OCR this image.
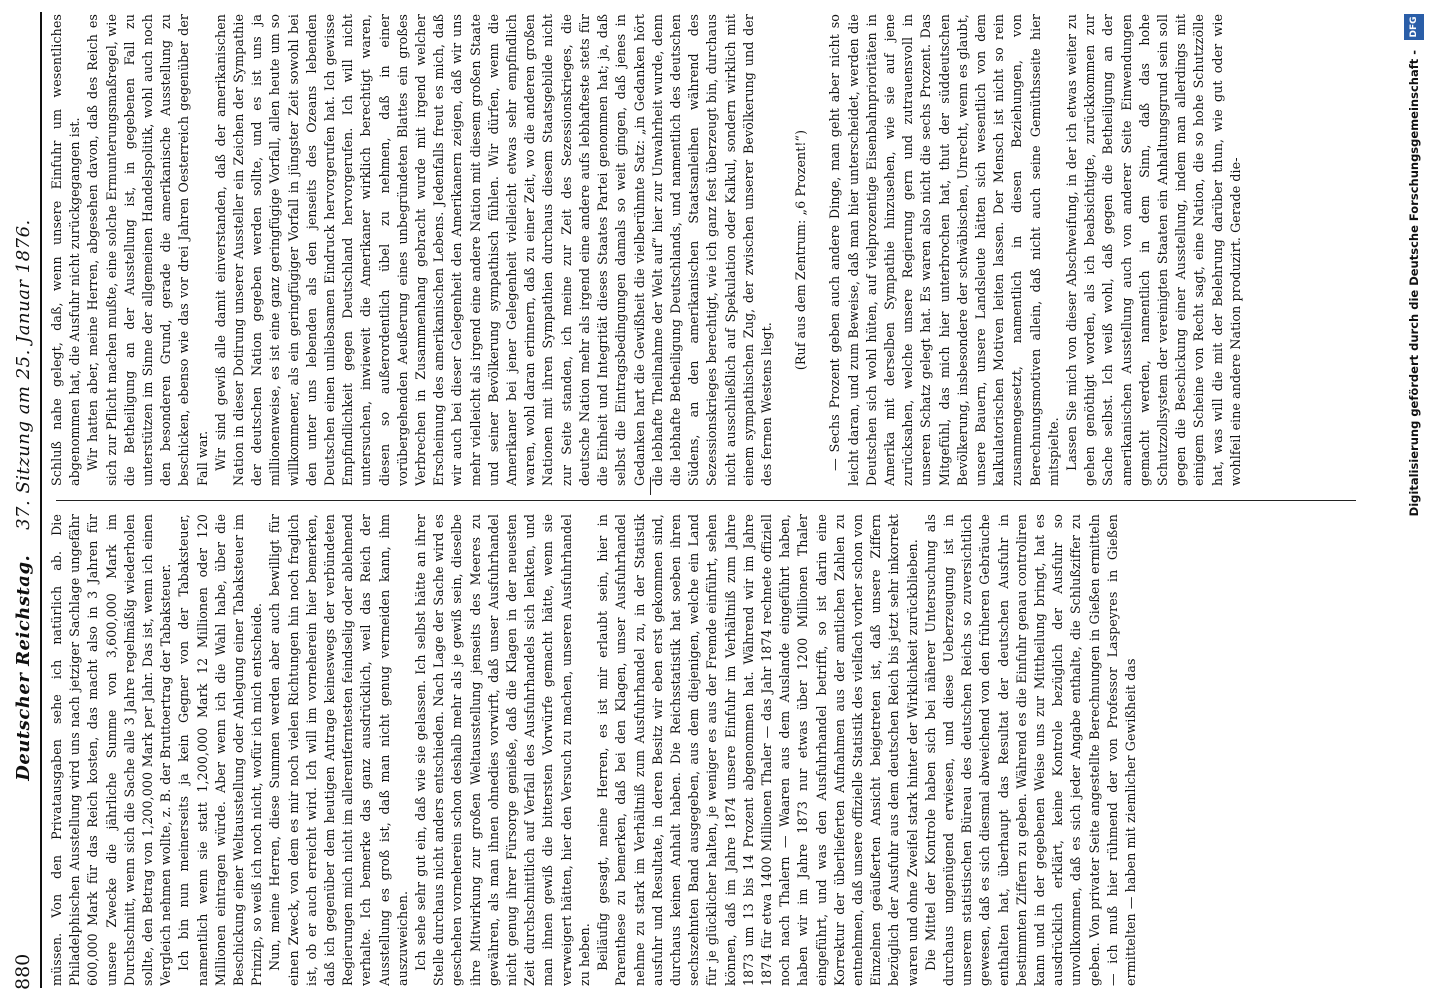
880
Deutscher Reichstag. 37. Sitzung am 25. Januar 1876.

müssen. Von den Privatausgaben sehe ich natürlich ab. Die Philadelphischen Ausstellung wird uns nach jetziger Sachlage ungefähr 600,000 Mark für das Reich kosten, das macht also in 3 Jahren für unsere Zwecke die jährliche Summe von 3,600,000 Mark im Durchschnitt, wenn sich die Sache alle 3 Jahre regelmäßig wiederholen sollte, den Betrag von 1,200,000 Mark per Jahr. Das ist, wenn ich einen Vergleich nehmen wollte, z. B. der Bruttoertrag der Tabaksteuer. Ich bin nun meinerseits ja kein Gegner von der Tabaksteuer, namentlich wenn sie statt 1,200,000 Mark 12 Millionen oder 120 Millionen eintragen würde. Aber wenn ich die Wahl habe, über die Beschickung einer Weltausstellung oder Anlegung einer Tabaksteuer im Prinzip, so weiß ich noch nicht, wofür ich mich entscheide. Nun, meine Herren, diese Summen werden aber auch bewilligt für einen Zweck, von dem es mir noch vielen Richtungen hin noch fraglich ist, ob er auch erreicht wird. Ich will im vorneherein hier bemerken, daß ich gegenüber dem heutigen Antrage keineswegs der verbündeten Regierungen mich nicht im allerentferntesten feindselig oder ablehnend verhalte. Ich bemerke das ganz ausdrücklich, weil das Reich der Ausstellung es groß ist, daß man nicht genug vermeiden kann, ihm auszuweichen. Ich sehe sehr gut ein, daß wie sie gelassen. Ich selbst hätte an ihrer Stelle durchaus nicht anders entschieden. Nach Lage der Sache wird es geschehen vorneherein schon deshalb mehr als je gewiß sein, dieselbe ihre Mitwirkung zur großen Weltausstellung jenseits des Meeres zu gewähren, als man ihnen ohnedies vorwirft, daß unser Ausfuhrhandel nicht genug ihrer Fürsorge genieße, daß die Klagen in der neuesten Zeit durchschnittlich auf Verfall des Ausfuhrhandels sich lenkten, und man ihnen gewiß die bittersten Vorwürfe gemacht hätte, wenn sie verweigert hätten, hier den Versuch zu machen, unseren Ausfuhrhandel zu heben. Beiläufig gesagt, meine Herren, es ist mir erlaubt sein, hier in Parenthese zu bemerken, daß bei den Klagen, unser Ausfuhrhandel nehme zu stark im Verhältniß zum Ausfuhrhandel zu, in der Statistik ausfuhr und Resultate, in deren Besitz wir eben erst gekommen sind, durchaus keinen Anhalt haben. Die Reichsstatistik hat soeben ihren sechszehnten Band ausgegeben, aus dem diejenigen, welche ein Land für je glücklicher halten, je weniger es aus der Fremde einführt, sehen können, daß im Jahre 1874 unsere Einfuhr im Verhältniß zum Jahre 1873 um 13 bis 14 Prozent abgenommen hat. Während wir im Jahre 1874 für etwa 1400 Millionen Thaler — das Jahr 1874 rechnete offiziell noch nach Thalern — Waaren aus dem Auslande eingeführt haben, haben wir im Jahre 1873 nur etwas über 1200 Millionen Thaler eingeführt, und was den Ausfuhrhandel betrifft, so ist darin eine Korrektur der überlieferten Aufnahmen aus der amtlichen Zahlen zu entnehmen, daß unsere offizielle Statistik des vielfach vorher schon von Einzelnen geäußerten Ansicht beigetreten ist, daß unsere Ziffern bezüglich der Ausfuhr aus dem deutschen Reich bis jetzt sehr inkorrekt waren und ohne Zweifel stark hinter der Wirklichkeit zurückblieben. Die Mittel der Kontrole haben sich bei näherer Untersuchung als durchaus ungenügend erwiesen, und diese Ueberzeugung ist in unserem statistischen Büreau des deutschen Reichs so zuversichtlich gewesen, daß es sich diesmal abweichend von den früheren Gebräuche enthalten hat, überhaupt das Resultat der deutschen Ausfuhr in bestimmten Ziffern zu geben. Während es die Einfuhr genau controliren kann und in der gegebenen Weise uns zur Mittheilung bringt, hat es ausdrücklich erklärt, keine Kontrole bezüglich der Ausfuhr so unvollkommen, daß es sich jeder Angabe enthalte, die Schlußziffer zu geben. Von privater Seite angestellte Berechnungen in Gießen ermitteln — ich muß hier rühmend der von Professor Laspeyres in Gießen ermittelten — haben mit ziemlicher Gewißheit das

Schluß nahe gelegt, daß, wenn unsere Einfuhr um wesentliches abgenommen hat, die Ausfuhr nicht zurückgegangen ist. Wir hatten aber, meine Herren, abgesehen davon, daß des Reich es sich zur Pflicht machen mußte, eine solche Ermunterungsmaßregel, wie die Betheiligung an der Ausstellung ist, in gegebenen Fall zu unterstützen im Sinne der allgemeinen Handelspolitik, wohl auch noch den besonderen Grund, gerade die amerikanische Ausstellung zu beschicken, ebenso wie das vor drei Jahren Oesterreich gegenüber der Fall war. Wir sind gewiß alle damit einverstanden, daß der amerikanischen Nation in dieser Dotirung unserer Aussteller ein Zeichen der Sympathie der deutschen Nation gegeben werden sollte, und es ist uns ja millionenweise, es ist eine ganz geringfügige Vorfall, allen heute um so willkommener, als ein geringfügiger Vorfall in jüngster Zeit sowohl bei den unter uns lebenden als den jenseits des Ozeans lebenden Deutschen einen unliebsamen Eindruck hervorgerufen hat. Ich gewisse Empfindlichkeit gegen Deutschland hervorgerufen. Ich will nicht untersuchen, inwieweit die Amerikaner wirklich berechtigt waren, diesen so außerordentlich übel zu nehmen, daß in einer vorübergehenden Aeußerung eines unbegründeten Blattes ein großes Verbrechen in Zusammenhang gebracht wurde mit irgend welcher Erscheinung des amerikanischen Lebens. Jedenfalls freut es mich, daß wir auch bei dieser Gelegenheit den Amerikanern zeigen, daß wir uns mehr vielleicht als irgend eine andere Nation mit diesem großen Staate und seiner Bevölkerung sympathisch fühlen. Wir dürfen, wenn die Amerikaner bei jener Gelegenheit vielleicht etwas sehr empfindlich waren, wohl daran erinnern, daß zu einer Zeit, wo die anderen großen Nationen mit ihren Sympathien durchaus diesem Staatsgebilde nicht zur Seite standen, ich meine zur Zeit des Sezessionskrieges, die deutsche Nation mehr als irgend eine andere aufs lebhafteste stets für die Einheit und Integrität dieses Staates Partei genommen hat; ja, daß selbst die Eintragsbedingungen damals so weit gingen, daß jenes in Gedanken hart die Gewißheit die vielberühmte Satz: „in Gedanken hört die lebhafte Theilnahme der Welt auf“ hier zur Unwahrheit wurde, denn die lebhafte Betheiligung Deutschlands, und namentlich des deutschen Südens, an den amerikanischen Staatsanleihen während des Sezessionskrieges berechtigt, wie ich ganz fest überzeugt bin, durchaus nicht ausschließlich auf Spekulation oder Kalkul, sondern wirklich mit einem sympathischen Zug, der zwischen unserer Bevölkerung und der des fernen Westens liegt.

(Ruf aus dem Zentrum: „6 Prozent!“) — Sechs Prozent geben auch andere Dinge, man geht aber nicht so leicht daran, und zum Beweise, daß man hier unterscheidet, werden die Deutschen sich wohl hüten, auf vielprozentige Eisenbahnprioritäten in Amerika mit derselben Sympathie hinzusehen, wie sie auf jene zurücksahen, welche unsere Regierung gern und zutrauensvoll in unseren Schatz gelegt hat. Es waren also nicht die sechs Prozent. Das Mitgefühl, das mich hier unterbrochen hat, thut der süddeutschen Bevölkerung, insbesondere der schwäbischen, Unrecht, wenn es glaubt, unsere Bauern, unsere Landsleute hätten sich wesentlich von dem kalkulatorischen Motiven leiten lassen. Der Mensch ist nicht so rein zusammengesetzt, namentlich in diesen Beziehungen, von Berechnungsmotiven allein, daß nicht auch seine Gemüthsseite hier mitspielte. Lassen Sie mich von dieser Abschweifung, in der ich etwas weiter zu gehen genöthigt worden, als ich beabsichtigte, zurückkommen zur Sache selbst. Ich weiß wohl, daß gegen die Betheiligung an der amerikanischen Ausstellung auch von anderer Seite Einwendungen gemacht werden, namentlich in dem Sinn, daß das hohe Schutzzollsystem der vereinigten Staaten ein Anhaltungsgrund sein soll gegen die Beschickung einer Ausstellung, indem man allerdings mit einigem Scheine von Recht sagt, eine Nation, die so hohe Schutzzölle hat, was will die mit der Belehrung darüber thun, wie gut oder wie wohlfeil eine andere Nation produzirt. Gerade die-	Digitalisierung gefördert durch die Deutsche Forschungsgemeinschaft -
DFG
